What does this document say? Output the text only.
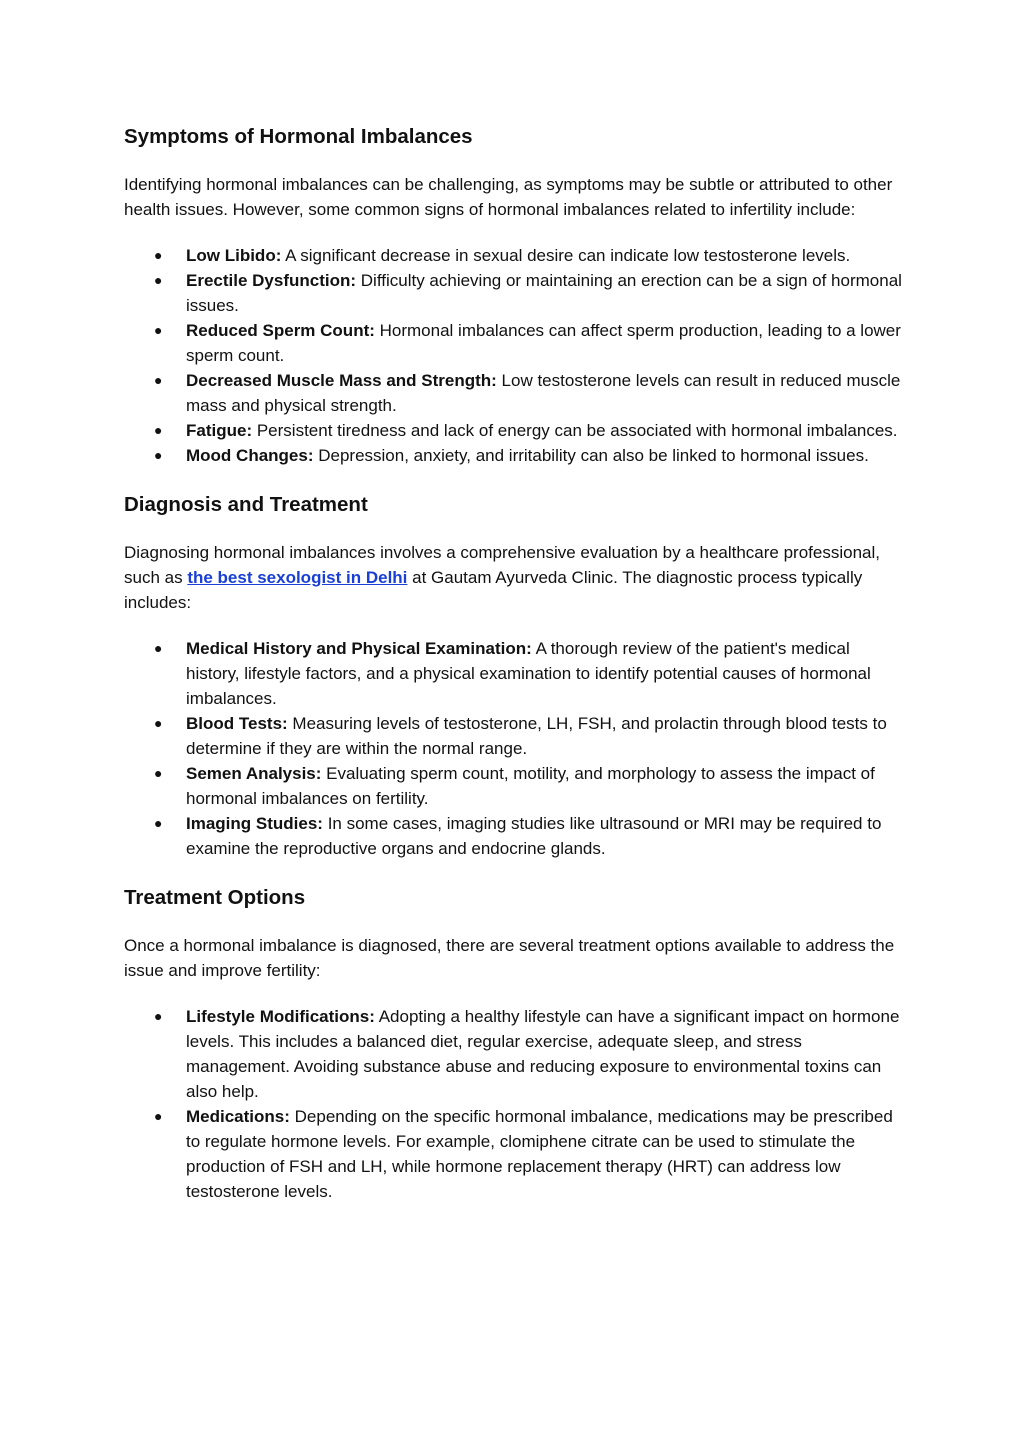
Symptoms of Hormonal Imbalances

Identifying hormonal imbalances can be challenging, as symptoms may be subtle or attributed to other health issues. However, some common signs of hormonal imbalances related to infertility include:

● Low Libido: A significant decrease in sexual desire can indicate low testosterone levels.
● Erectile Dysfunction: Difficulty achieving or maintaining an erection can be a sign of hormonal issues.
● Reduced Sperm Count: Hormonal imbalances can affect sperm production, leading to a lower sperm count.
● Decreased Muscle Mass and Strength: Low testosterone levels can result in reduced muscle mass and physical strength.
● Fatigue: Persistent tiredness and lack of energy can be associated with hormonal imbalances.
● Mood Changes: Depression, anxiety, and irritability can also be linked to hormonal issues.
Diagnosis and Treatment

Diagnosing hormonal imbalances involves a comprehensive evaluation by a healthcare professional, such as the best sexologist in Delhi at Gautam Ayurveda Clinic. The diagnostic process typically includes:

● Medical History and Physical Examination: A thorough review of the patient's medical history, lifestyle factors, and a physical examination to identify potential causes of hormonal imbalances.
● Blood Tests: Measuring levels of testosterone, LH, FSH, and prolactin through blood tests to determine if they are within the normal range.
● Semen Analysis: Evaluating sperm count, motility, and morphology to assess the impact of hormonal imbalances on fertility.
● Imaging Studies: In some cases, imaging studies like ultrasound or MRI may be required to examine the reproductive organs and endocrine glands.
Treatment Options

Once a hormonal imbalance is diagnosed, there are several treatment options available to address the issue and improve fertility:

● Lifestyle Modifications: Adopting a healthy lifestyle can have a significant impact on hormone levels. This includes a balanced diet, regular exercise, adequate sleep, and stress management. Avoiding substance abuse and reducing exposure to environmental toxins can also help.
● Medications: Depending on the specific hormonal imbalance, medications may be prescribed to regulate hormone levels. For example, clomiphene citrate can be used to stimulate the production of FSH and LH, while hormone replacement therapy (HRT) can address low testosterone levels.
